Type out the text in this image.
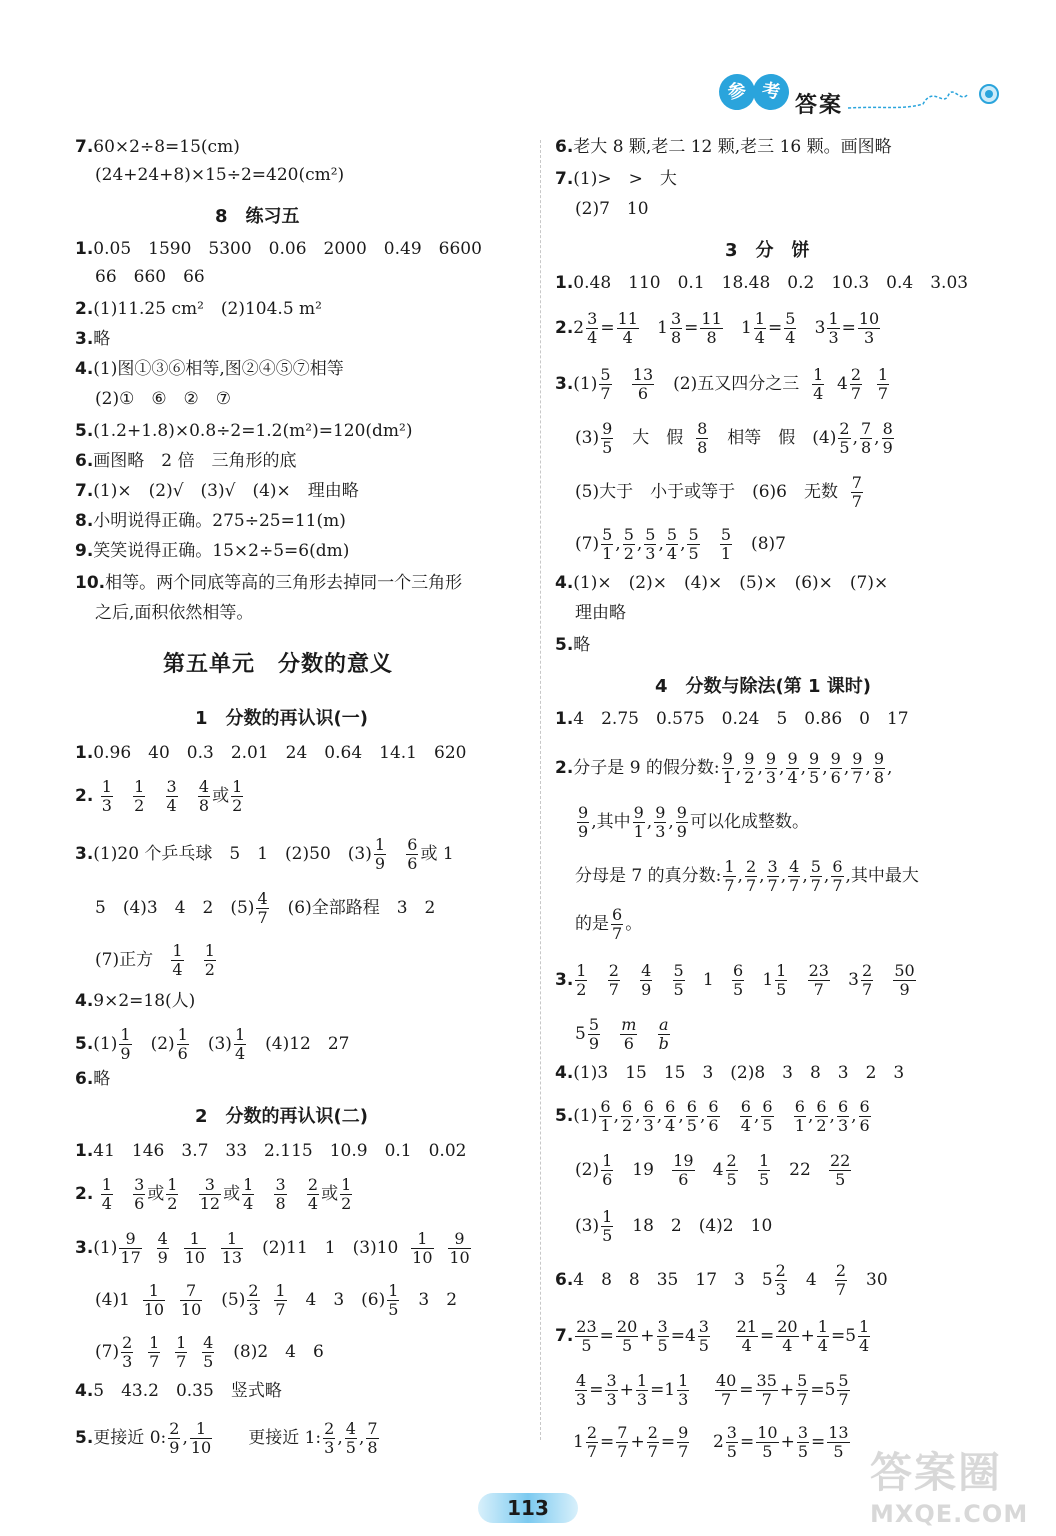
参 考
答案
7.60×2÷8=15(cm)
(24+24+8)×15÷2=420(cm²)
8　练习五
1.0.05　1590　5300　0.06　2000　0.49　6600
66　660　66
2.(1)11.25 cm²　(2)104.5 m²
3.略
4.(1)图①③⑥相等,图②④⑤⑦相等
(2)①　⑥　②　⑦
5.(1.2+1.8)×0.8÷2=1.2(m²)=120(dm²)
6.画图略　2 倍　三角形的底
7.(1)×　(2)√　(3)√　(4)×　理由略
8.小明说得正确。275÷25=11(m)
9.笑笑说得正确。15×2÷5=6(dm)
10.相等。两个同底等高的三角形去掉同一个三角形
之后,面积依然相等。
第五单元　分数的意义
1　分数的再认识(一)
1.0.96　40　0.3　2.01　24　0.64　14.1　620
2. $\frac{1}{3}$
$\frac{1}{2}$
$\frac{3}{4}$
$\frac{4}{8}$ 或 $\frac{1}{2}$
3.(1)20 个乒乓球　5　1　(2)50　$(3) \frac{1}{9}$
$\frac{6}{6}$ 或 1
5　(4)3　4　2　$(5) \frac{4}{7}$ 　(6)全部路程　3　2
(7)正方 $\frac{1}{4}$
$\frac{1}{2}$
4.9×2=18(人)
$5.(1) \frac{1}{9}$ 　$(2) \frac{1}{6}$ 　$(3) \frac{1}{4}$ 　(4)12　27
6.略
2　分数的再认识(二)
1.41　146　3.7　33　2.115　10.9　0.1　0.02
2. $\frac{1}{4}$
$\frac{3}{6}$ 或 $\frac{1}{2}$
$\frac{3}{12}$ 或 $\frac{1}{4}$
$\frac{3}{8}$
$\frac{2}{4}$ 或 $\frac{1}{2}$
$3.(1) \frac{9}{17}$
$\frac{4}{9}$
$\frac{1}{10}$
$\frac{1}{13}$ 　(2)11　1　$(3)10 \frac{1}{10}$
$\frac{9}{10}$
$(4)1 \frac{1}{10}$
$\frac{7}{10}$ 　$(5) \frac{2}{3}$
$\frac{1}{7}$ 　4　3　$(6) \frac{1}{5}$ 　3　2
$(7) \frac{2}{3}$
$\frac{1}{7}$
$\frac{1}{7}$
$\frac{4}{5}$ 　(8)2　4　6
4.5　43.2　0.35　竖式略
5.更接近 0: $\frac{2}{9}$ , $\frac{1}{10}$ 　　更接近 1: $\frac{2}{3}$ , $\frac{4}{5}$ , $\frac{7}{8}$
6.老大 8 颗,老二 12 颗,老三 16 颗。画图略
7.(1)>　>　大
(2)7　10
3　分　饼
1.0.48　110　0.1　18.48　0.2　10.3　0.4　3.03
$2.2 \frac{3}{4} = \frac{11}{4} 1 \frac{3}{8} = \frac{11}{8} 1 \frac{1}{4} = \frac{5}{4} 3 \frac{1}{3} = \frac{10}{3}$
$3.(1) \frac{5}{7}$
$\frac{13}{6}$ 　(2)五又四分之三 $\frac{1}{4} 4 \frac{2}{7}$
$\frac{1}{7}$
$(3) \frac{9}{5}$ 　大　假 $\frac{8}{8}$ 　相等　假　$(4) \frac{2}{5}$ , $\frac{7}{8}$ , $\frac{8}{9}$
(5)大于　小于或等于　(6)6　无数 $\frac{7}{7}$
$(7) \frac{5}{1}$ , $\frac{5}{2}$ , $\frac{5}{3}$ , $\frac{5}{4}$ , $\frac{5}{5}$
$\frac{5}{1}$ 　(8)7
4.(1)×　(2)×　(4)×　(5)×　(6)×　(7)×
理由略
5.略
4　分数与除法(第 1 课时)
1.4　2.75　0.575　0.24　5　0.86　0　17
2.分子是 9 的假分数: $\frac{9}{1}$ , $\frac{9}{2}$ , $\frac{9}{3}$ , $\frac{9}{4}$ , $\frac{9}{5}$ , $\frac{9}{6}$ , $\frac{9}{7}$ , $\frac{9}{8}$ ,
$\frac{9}{9}$ ,其中 $\frac{9}{1}$ , $\frac{9}{3}$ , $\frac{9}{9}$ 可以化成整数。
分母是 7 的真分数: $\frac{1}{7}$ , $\frac{2}{7}$ , $\frac{3}{7}$ , $\frac{4}{7}$ , $\frac{5}{7}$ , $\frac{6}{7}$ ,其中最大
的是 $\frac{6}{7}$ 。
3. $\frac{1}{2}$
$\frac{2}{7}$
$\frac{4}{9}$
$\frac{5}{5} 1 \frac{6}{5} 1 \frac{1}{5}$
$\frac{23}{7} 3 \frac{2}{7}$
$\frac{50}{9}$
$5 \frac{5}{9}$
$\frac{m}{6}$
$\frac{a}{b}$
4.(1)3　15　15　3　(2)8　3　8　3　2　3
$5.(1) \frac{6}{1}$ , $\frac{6}{2}$ , $\frac{6}{3}$ , $\frac{6}{4}$ , $\frac{6}{5}$ , $\frac{6}{6}$
$\frac{6}{4}$ , $\frac{6}{5}$
$\frac{6}{1}$ , $\frac{6}{2}$ , $\frac{6}{3}$ , $\frac{6}{6}$
$(2) \frac{1}{6}$ 　$19 \frac{19}{6} 4 \frac{2}{5}$
$\frac{1}{5}$ 　$22 \frac{22}{5}$
$(3) \frac{1}{5}$ 　18　2　(4)2　10
6.4　8　8　35　17　3　$5 \frac{2}{3}$ 　$4 \frac{2}{7}$ 　30
7. $\frac{23}{5} = \frac{20}{5} + \frac{3}{5} =4 \frac{3}{5}$
$\frac{21}{4} = \frac{20}{4} + \frac{1}{4} =5 \frac{1}{4}$
$\frac{4}{3} = \frac{3}{3} + \frac{1}{3} =1 \frac{1}{3}$
$\frac{40}{7} = \frac{35}{7} + \frac{5}{7} =5 \frac{5}{7}$
$1 \frac{2}{7} = \frac{7}{7} + \frac{2}{7} = \frac{9}{7} 2 \frac{3}{5} = \frac{10}{5} + \frac{3}{5} = \frac{13}{5}$
113
答案圈
MXQE.COM
